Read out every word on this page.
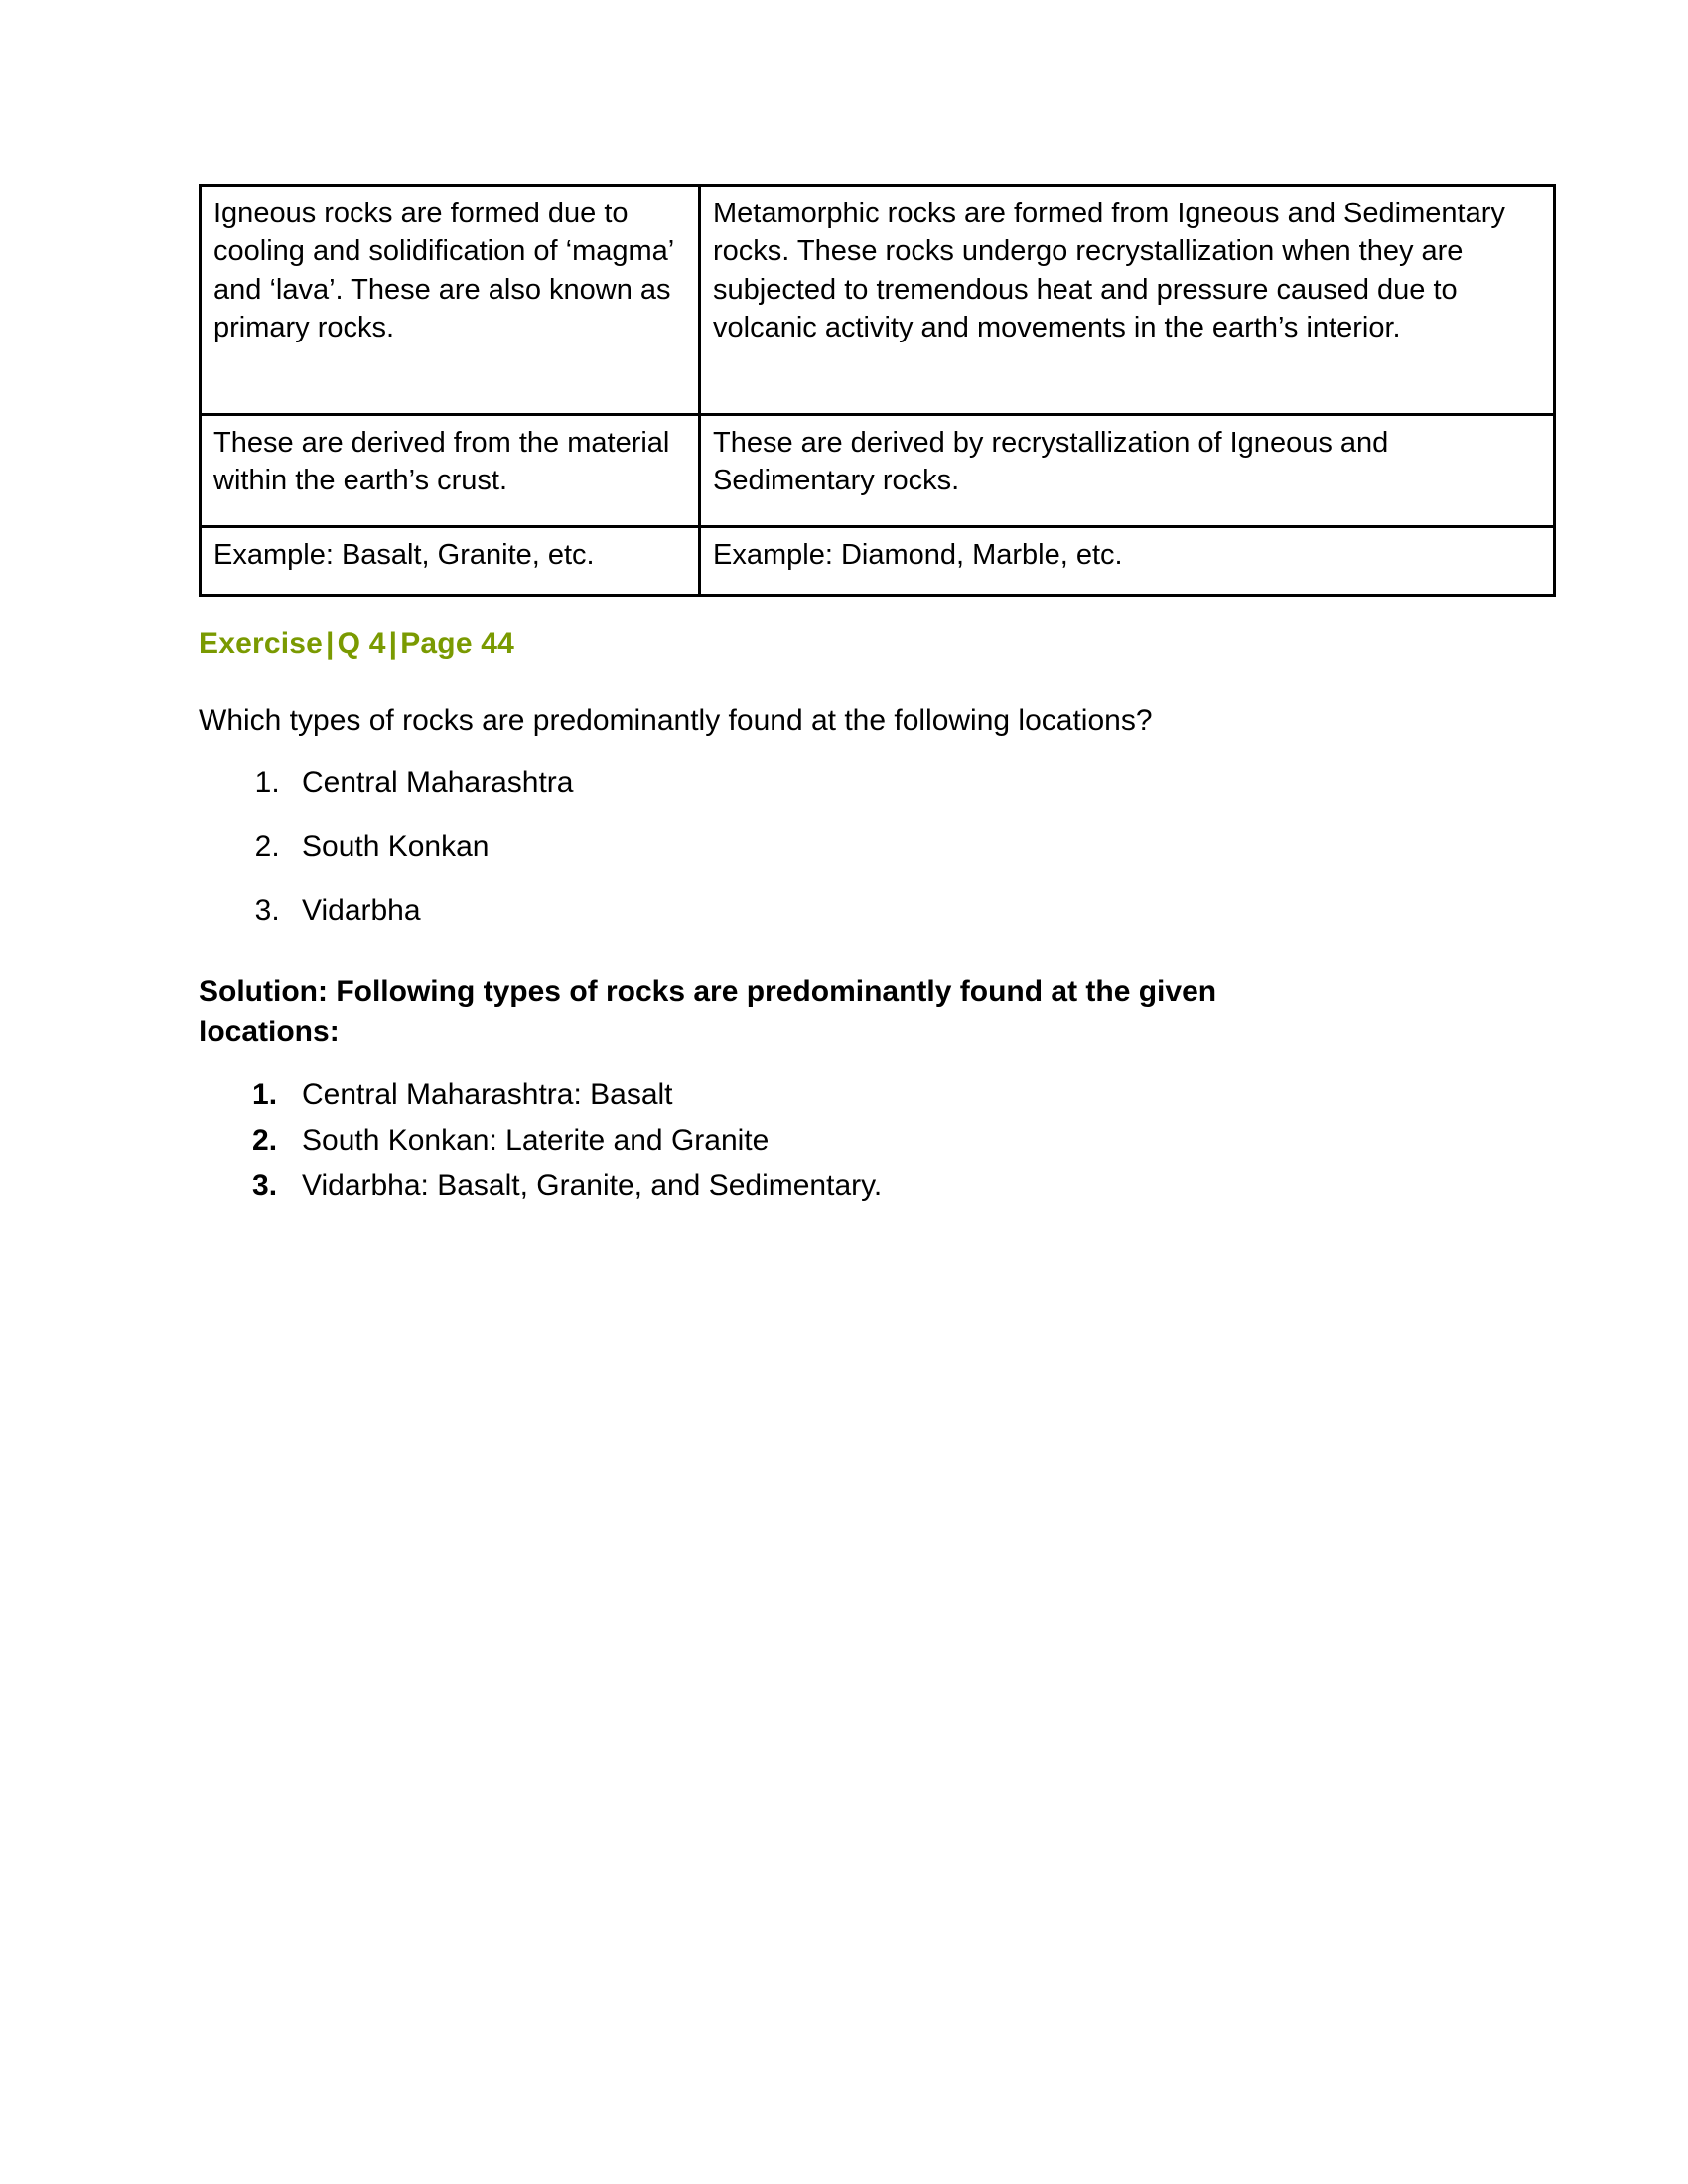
Igneous rocks are formed due to cooling and solidification of ‘magma’ and ‘lava’. These are also known as primary rocks.	Metamorphic rocks are formed from Igneous and Sedimentary rocks. These rocks undergo recrystallization when they are subjected to tremendous heat and pressure caused due to volcanic activity and movements in the earth’s interior.
These are derived from the material within the earth’s crust.	These are derived by recrystallization of Igneous and Sedimentary rocks.
Example: Basalt, Granite, etc.	Example: Diamond, Marble, etc.
Exercise | Q 4 | Page 44
Which types of rocks are predominantly found at the following locations?
1. Central Maharashtra
2. South Konkan
3. Vidarbha
Solution: Following types of rocks are predominantly found at the given locations:
Central Maharashtra: Basalt
South Konkan: Laterite and Granite
Vidarbha: Basalt, Granite, and Sedimentary.
